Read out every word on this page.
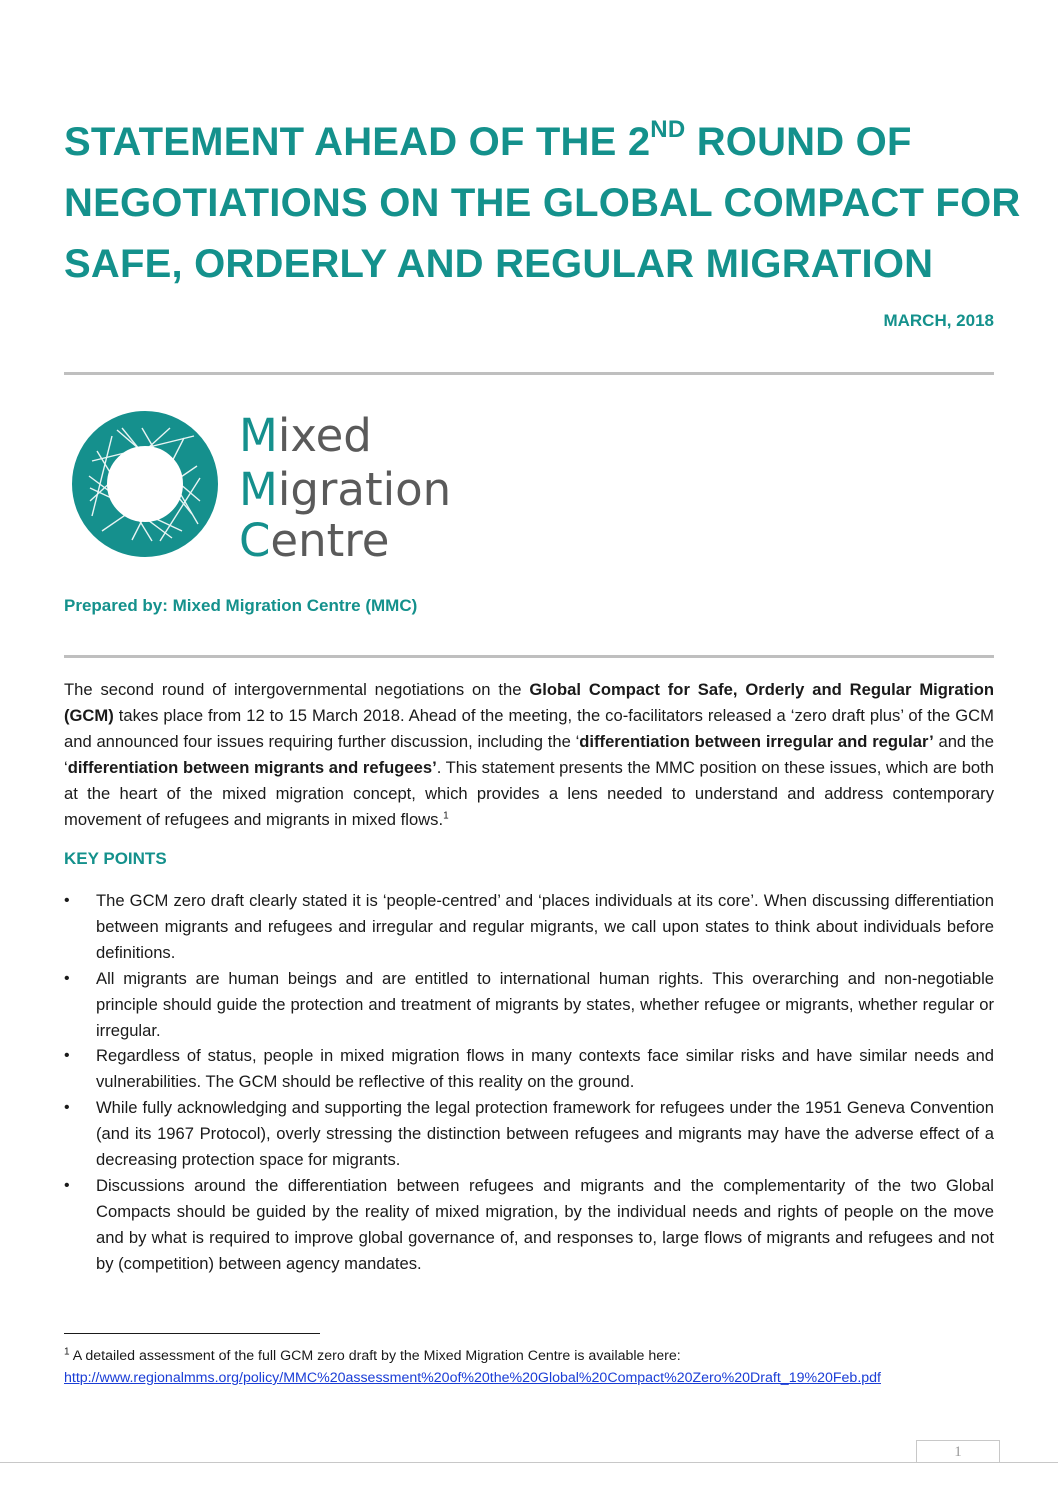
STATEMENT AHEAD OF THE 2ND ROUND OF
NEGOTIATIONS ON THE GLOBAL COMPACT FOR
SAFE, ORDERLY AND REGULAR MIGRATION
MARCH, 2018
Mixed
Migration
Centre
Prepared by: Mixed Migration Centre (MMC)

The second round of intergovernmental negotiations on the Global Compact for Safe, Orderly and Regular Migration (GCM) takes place from 12 to 15 March 2018. Ahead of the meeting, the co-facilitators released a ‘zero draft plus’ of the GCM and announced four issues requiring further discussion, including the ‘differentiation between irregular and regular’ and the ‘differentiation between migrants and refugees’. This statement presents the MMC position on these issues, which are both at the heart of the mixed migration concept, which provides a lens needed to understand and address contemporary movement of refugees and migrants in mixed flows.$^1$

KEY POINTS
• The GCM zero draft clearly stated it is ‘people-centred’ and ‘places individuals at its core’. When discussing differentiation between migrants and refugees and irregular and regular migrants, we call upon states to think about individuals before definitions.
• All migrants are human beings and are entitled to international human rights. This overarching and non-negotiable principle should guide the protection and treatment of migrants by states, whether refugee or migrants, whether regular or irregular.
• Regardless of status, people in mixed migration flows in many contexts face similar risks and have similar needs and vulnerabilities. The GCM should be reflective of this reality on the ground.
• While fully acknowledging and supporting the legal protection framework for refugees under the 1951 Geneva Convention (and its 1967 Protocol), overly stressing the distinction between refugees and migrants may have the adverse effect of a decreasing protection space for migrants.
• Discussions around the differentiation between refugees and migrants and the complementarity of the two Global Compacts should be guided by the reality of mixed migration, by the individual needs and rights of people on the move and by what is required to improve global governance of, and responses to, large flows of migrants and refugees and not by (competition) between agency mandates.
$^1$ A detailed assessment of the full GCM zero draft by the Mixed Migration Centre is available here:
http://www.regionalmms.org/policy/MMC%20assessment%20of%20the%20Global%20Compact%20Zero%20Draft_19%20Feb.pdf
1
